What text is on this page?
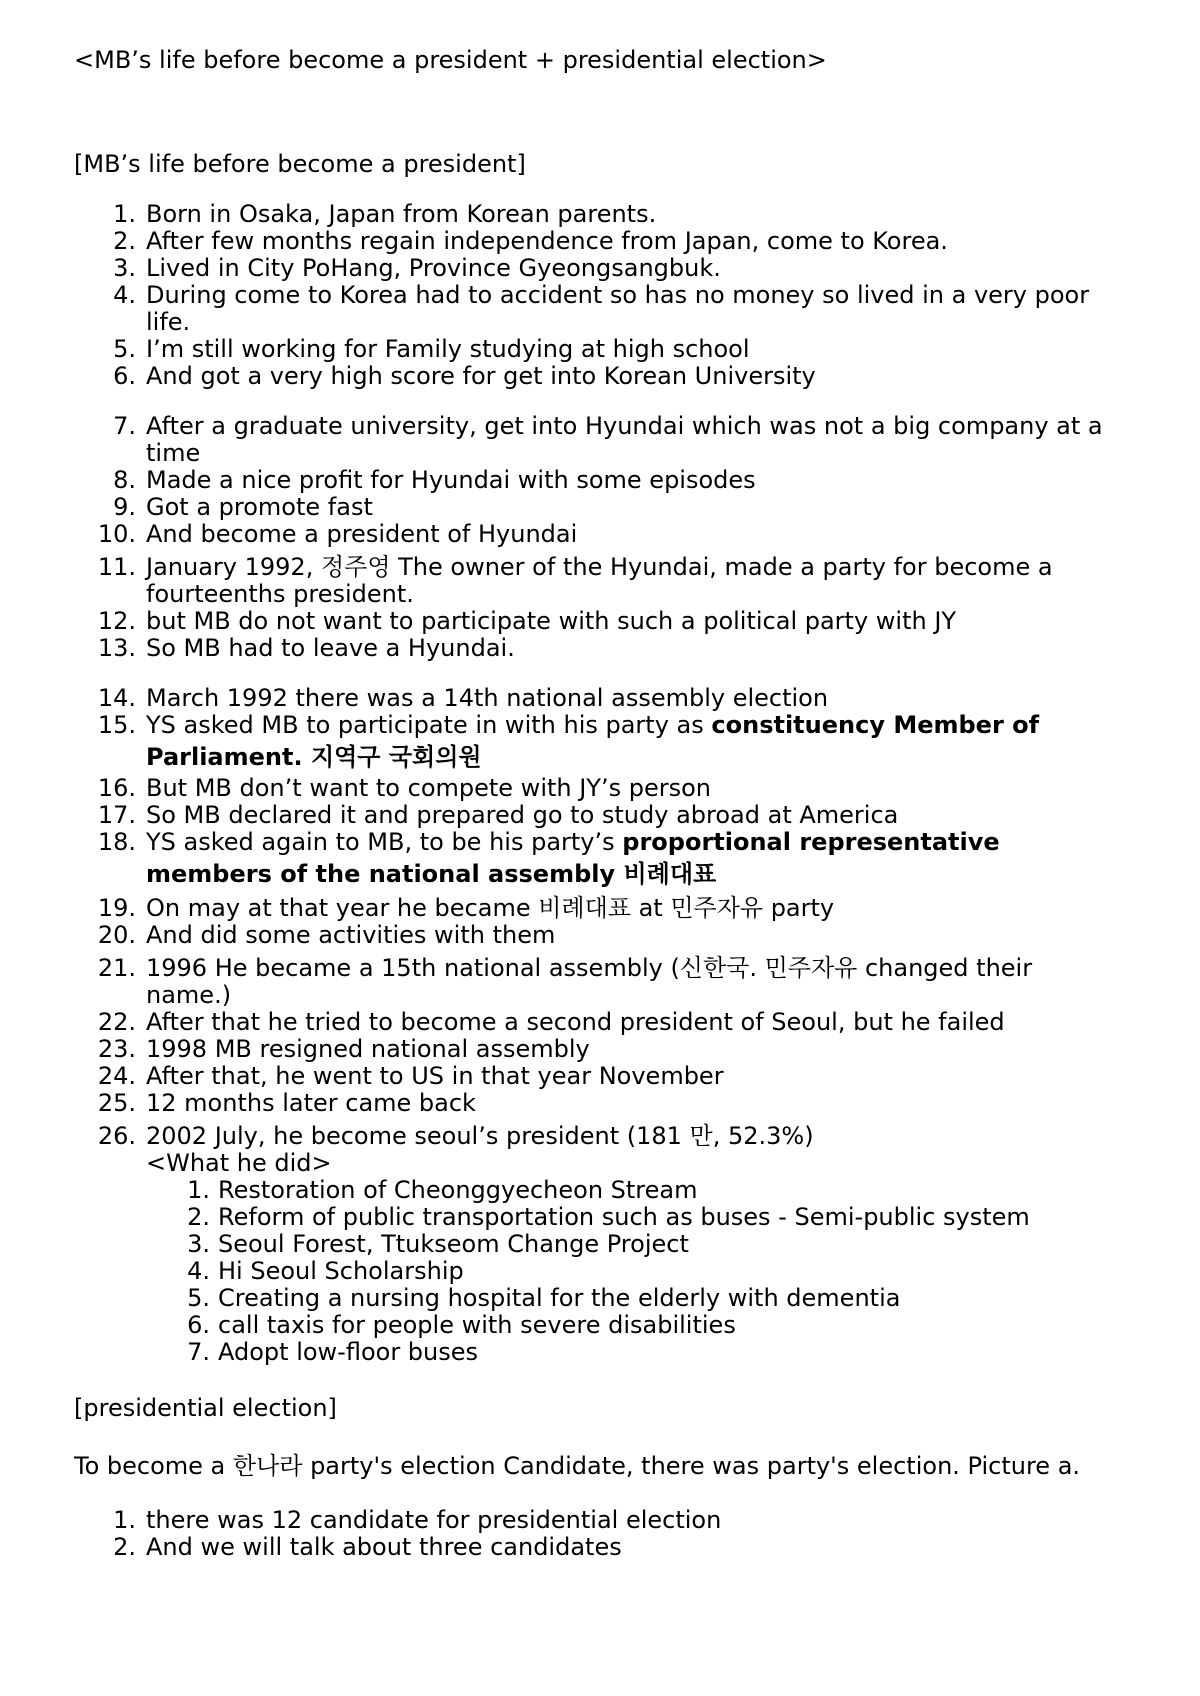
<MB’s life before become a president + presidential election>
[MB’s life before become a president]
1. Born in Osaka, Japan from Korean parents.
2. After few months regain independence from Japan, come to Korea.
3. Lived in City PoHang, Province Gyeongsangbuk.
4. During come to Korea had to accident so has no money so lived in a very poor
life.
5. I’m still working for Family studying at high school
6. And got a very high score for get into Korean University
7. After a graduate university, get into Hyundai which was not a big company at a
time
8. Made a nice profit for Hyundai with some episodes
9. Got a promote fast
10. And become a president of Hyundai
11. January 1992, 정주영 The owner of the Hyundai, made a party for become a
fourteenths president.
12. but MB do not want to participate with such a political party with JY
13. So MB had to leave a Hyundai.
14. March 1992 there was a 14th national assembly election
15. YS asked MB to participate in with his party as constituency Member of
Parliament. 지역구 국회의원
16. But MB don’t want to compete with JY’s person
17. So MB declared it and prepared go to study abroad at America
18. YS asked again to MB, to be his party’s proportional representative
members of the national assembly 비례대표
19. On may at that year he became 비례대표 at 민주자유 party
20. And did some activities with them
21. 1996 He became a 15th national assembly (신한국. 민주자유 changed their
name.)
22. After that he tried to become a second president of Seoul, but he failed
23. 1998 MB resigned national assembly
24. After that, he went to US in that year November
25. 12 months later came back
26. 2002 July, he become seoul’s president (181 만, 52.3%)
<What he did>
1. Restoration of Cheonggyecheon Stream
2. Reform of public transportation such as buses - Semi-public system
3. Seoul Forest, Ttukseom Change Project
4. Hi Seoul Scholarship
5. Creating a nursing hospital for the elderly with dementia
6. call taxis for people with severe disabilities
7. Adopt low-floor buses
[presidential election]
To become a 한나라 party's election Candidate, there was party's election. Picture a.
1. there was 12 candidate for presidential election
2. And we will talk about three candidates
